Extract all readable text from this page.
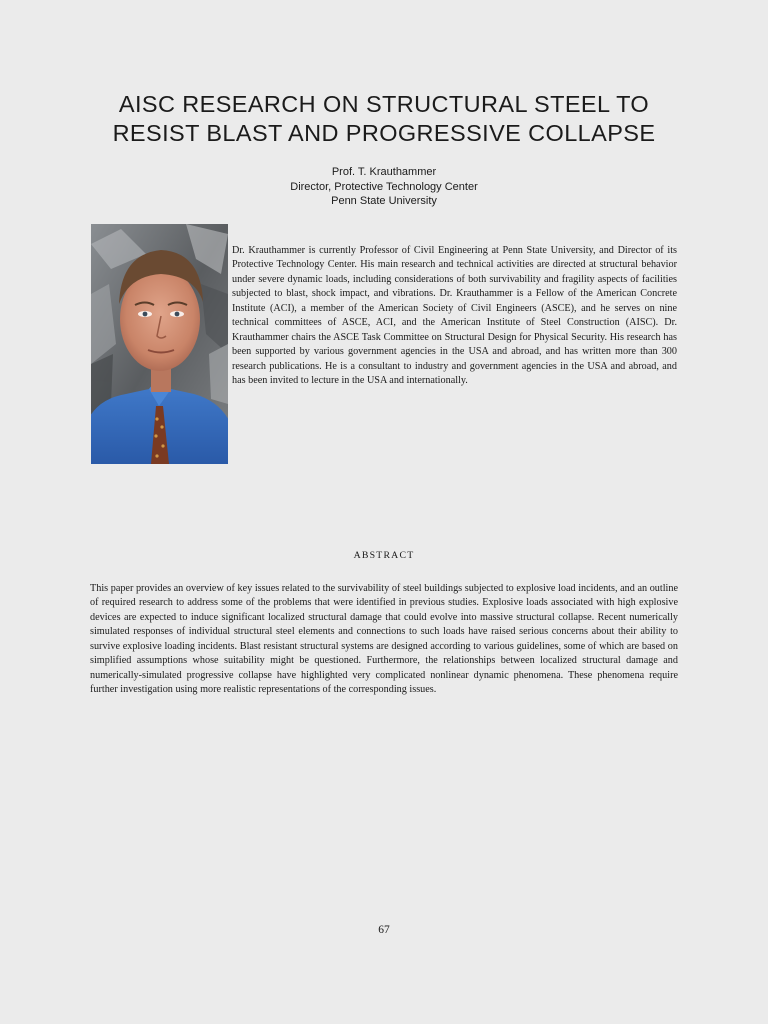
AISC RESEARCH ON STRUCTURAL STEEL TO
RESIST BLAST AND PROGRESSIVE COLLAPSE
Prof. T. Krauthammer
Director, Protective Technology Center
Penn State University
Dr. Krauthammer is currently Professor of Civil Engineering at Penn State University, and Director of its Protective Technology Center. His main research and technical activities are directed at structural behavior under severe dynamic loads, including considerations of both survivability and fragility aspects of facilities subjected to blast, shock impact, and vibrations. Dr. Krauthammer is a Fellow of the American Concrete Institute (ACI), a member of the American Society of Civil Engineers (ASCE), and he serves on nine technical committees of ASCE, ACI, and the American Institute of Steel Construction (AISC). Dr. Krauthammer chairs the ASCE Task Committee on Structural Design for Physical Security. His research has been supported by various government agencies in the USA and abroad, and has written more than 300 research publications. He is a consultant to industry and government agencies in the USA and abroad, and has been invited to lecture in the USA and internationally.
ABSTRACT
This paper provides an overview of key issues related to the survivability of steel buildings subjected to explosive load incidents, and an outline of required research to address some of the problems that were identified in previous studies. Explosive loads associated with high explosive devices are expected to induce significant localized structural damage that could evolve into massive structural collapse. Recent numerically simulated responses of individual structural steel elements and connections to such loads have raised serious concerns about their ability to survive explosive loading incidents. Blast resistant structural systems are designed according to various guidelines, some of which are based on simplified assumptions whose suitability might be questioned. Furthermore, the relationships between localized structural damage and numerically-simulated progressive collapse have highlighted very complicated nonlinear dynamic phenomena. These phenomena require further investigation using more realistic representations of the corresponding issues.
67
